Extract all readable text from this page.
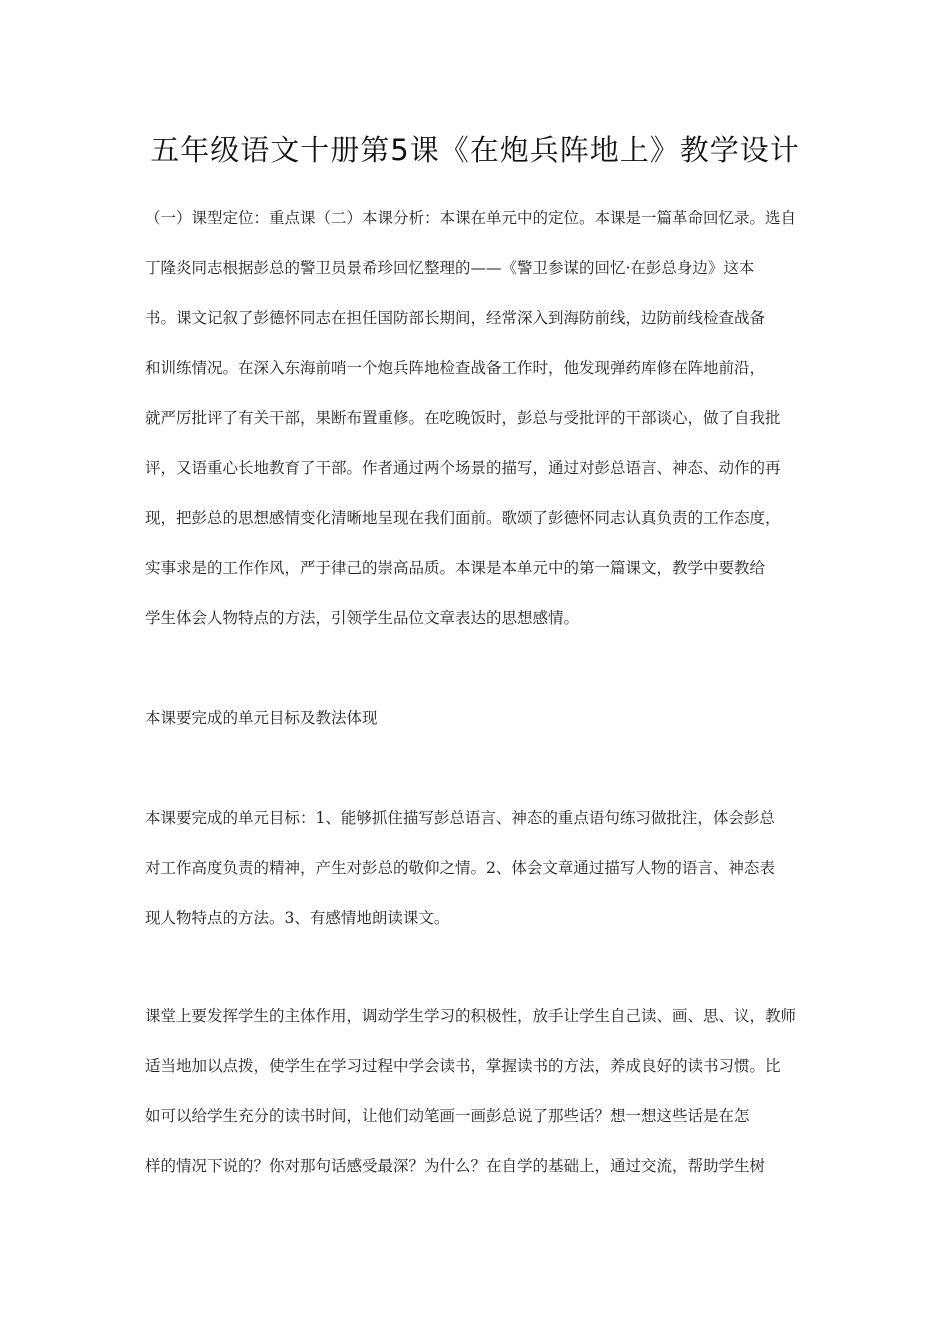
五年级语文十册第5课《在炮兵阵地上》教学设计
（一）课型定位：重点课（二）本课分析：本课在单元中的定位。本课是一篇革命回忆录。选自
丁隆炎同志根据彭总的警卫员景希珍回忆整理的——《警卫参谋的回忆·在彭总身边》这本
书。课文记叙了彭德怀同志在担任国防部长期间，经常深入到海防前线，边防前线检查战备
和训练情况。在深入东海前哨一个炮兵阵地检查战备工作时，他发现弹药库修在阵地前沿，
就严厉批评了有关干部，果断布置重修。在吃晚饭时，彭总与受批评的干部谈心，做了自我批
评，又语重心长地教育了干部。作者通过两个场景的描写，通过对彭总语言、神态、动作的再
现，把彭总的思想感情变化清晰地呈现在我们面前。歌颂了彭德怀同志认真负责的工作态度，
实事求是的工作作风，严于律己的崇高品质。本课是本单元中的第一篇课文，教学中要教给
学生体会人物特点的方法，引领学生品位文章表达的思想感情。
本课要完成的单元目标及教法体现
本课要完成的单元目标：1、能够抓住描写彭总语言、神态的重点语句练习做批注，体会彭总
对工作高度负责的精神，产生对彭总的敬仰之情。2、体会文章通过描写人物的语言、神态表
现人物特点的方法。3、有感情地朗读课文。
课堂上要发挥学生的主体作用，调动学生学习的积极性，放手让学生自己读、画、思、议，教师
适当地加以点拨，使学生在学习过程中学会读书，掌握读书的方法，养成良好的读书习惯。比
如可以给学生充分的读书时间，让他们动笔画一画彭总说了那些话？想一想这些话是在怎
样的情况下说的？你对那句话感受最深？为什么？在自学的基础上，通过交流，帮助学生树
